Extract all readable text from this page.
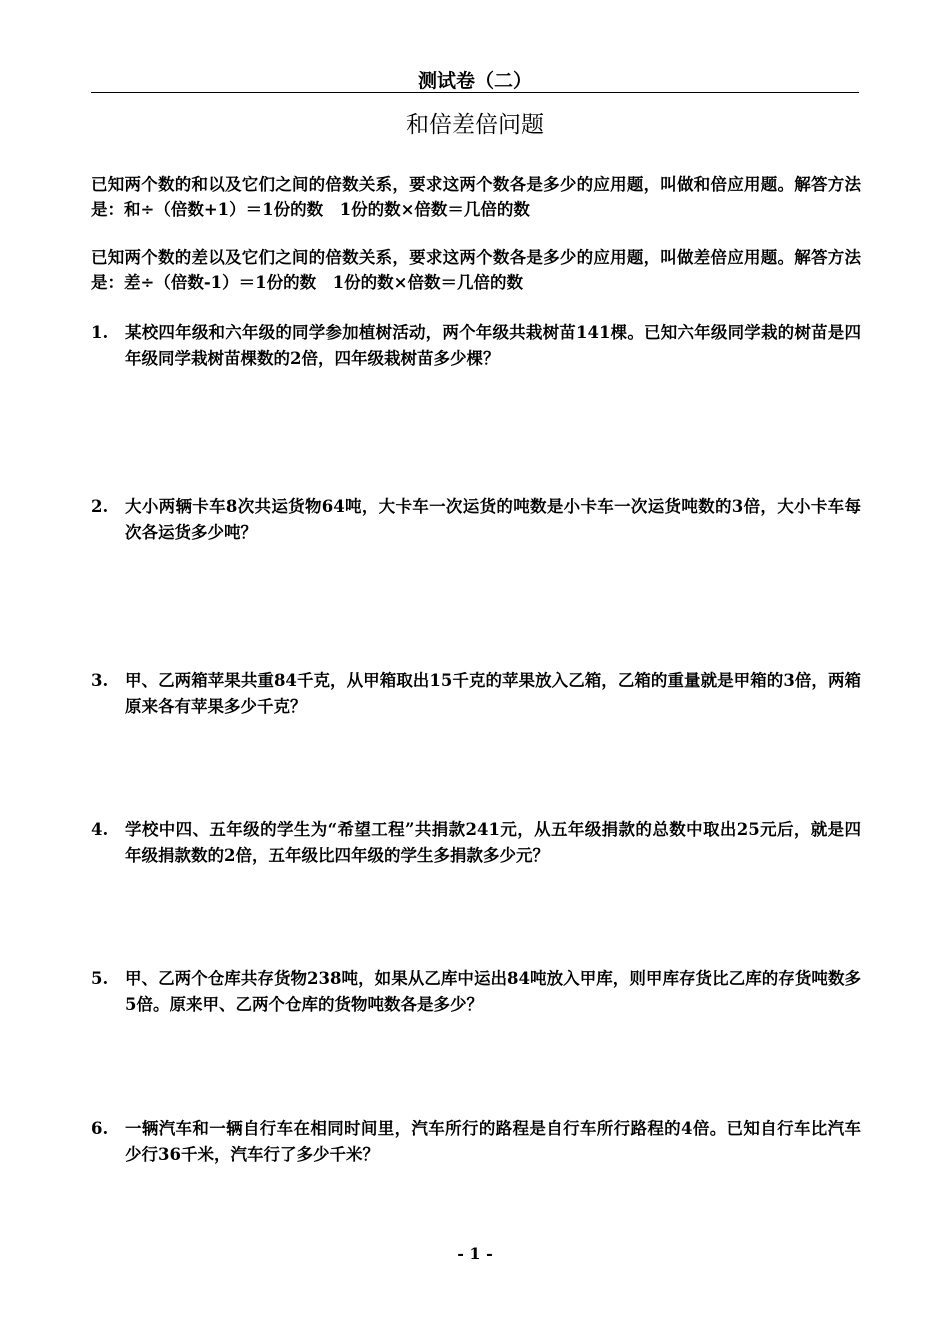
测试卷（二）
和倍差倍问题
已知两个数的和以及它们之间的倍数关系，要求这两个数各是多少的应用题，叫做和倍应用题。解答方法是：和÷（倍数+1）＝1份的数　1份的数×倍数＝几倍的数
已知两个数的差以及它们之间的倍数关系，要求这两个数各是多少的应用题，叫做差倍应用题。解答方法是：差÷（倍数-1）＝1份的数　1份的数×倍数＝几倍的数
1.	某校四年级和六年级的同学参加植树活动，两个年级共栽树苗141棵。已知六年级同学栽的树苗是四年级同学栽树苗棵数的2倍，四年级栽树苗多少棵？
2.	大小两辆卡车8次共运货物64吨，大卡车一次运货的吨数是小卡车一次运货吨数的3倍，大小卡车每次各运货多少吨？
3.	甲、乙两箱苹果共重84千克，从甲箱取出15千克的苹果放入乙箱，乙箱的重量就是甲箱的3倍，两箱原来各有苹果多少千克？
4.	学校中四、五年级的学生为“希望工程”共捐款241元，从五年级捐款的总数中取出25元后，就是四年级捐款数的2倍，五年级比四年级的学生多捐款多少元？
5.	甲、乙两个仓库共存货物238吨，如果从乙库中运出84吨放入甲库，则甲库存货比乙库的存货吨数多5倍。原来甲、乙两个仓库的货物吨数各是多少？
6.	一辆汽车和一辆自行车在相同时间里，汽车所行的路程是自行车所行路程的4倍。已知自行车比汽车少行36千米，汽车行了多少千米？
- 1 -
